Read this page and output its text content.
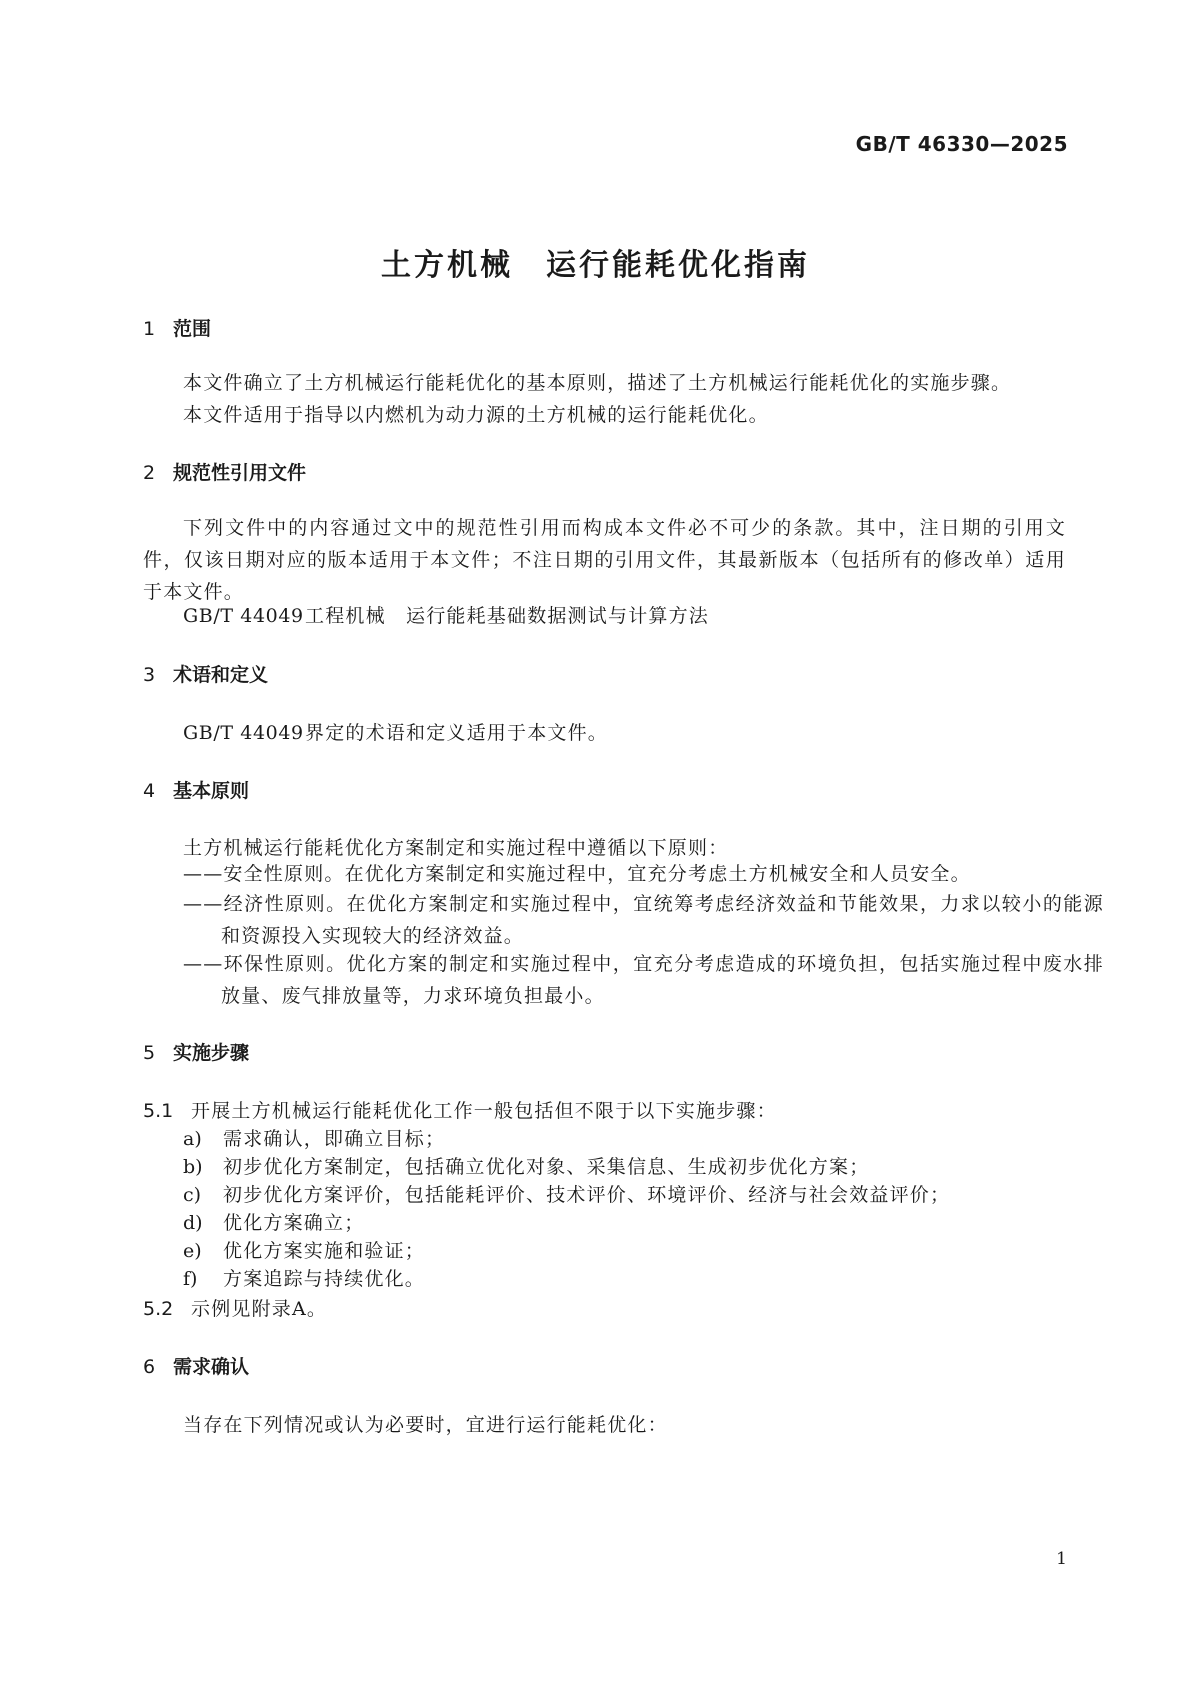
GB/T 46330—2025
土方机械　运行能耗优化指南
1 范围
本文件确立了土方机械运行能耗优化的基本原则，描述了土方机械运行能耗优化的实施步骤。
本文件适用于指导以内燃机为动力源的土方机械的运行能耗优化。
2 规范性引用文件
下列文件中的内容通过文中的规范性引用而构成本文件必不可少的条款。其中，注日期的引用文件，仅该日期对应的版本适用于本文件；不注日期的引用文件，其最新版本（包括所有的修改单）适用于本文件。
GB/T 44049工程机械　运行能耗基础数据测试与计算方法
3 术语和定义
GB/T 44049界定的术语和定义适用于本文件。
4 基本原则
土方机械运行能耗优化方案制定和实施过程中遵循以下原则：
——安全性原则。在优化方案制定和实施过程中，宜充分考虑土方机械安全和人员安全。
——经济性原则。在优化方案制定和实施过程中，宜统筹考虑经济效益和节能效果，力求以较小的能源和资源投入实现较大的经济效益。
——环保性原则。优化方案的制定和实施过程中，宜充分考虑造成的环境负担，包括实施过程中废水排放量、废气排放量等，力求环境负担最小。
5 实施步骤
5.1 开展土方机械运行能耗优化工作一般包括但不限于以下实施步骤：
a) 需求确认，即确立目标；
b) 初步优化方案制定，包括确立优化对象、采集信息、生成初步优化方案；
c) 初步优化方案评价，包括能耗评价、技术评价、环境评价、经济与社会效益评价；
d) 优化方案确立；
e) 优化方案实施和验证；
f) 方案追踪与持续优化。
5.2 示例见附录A。
6 需求确认
当存在下列情况或认为必要时，宜进行运行能耗优化：
1
